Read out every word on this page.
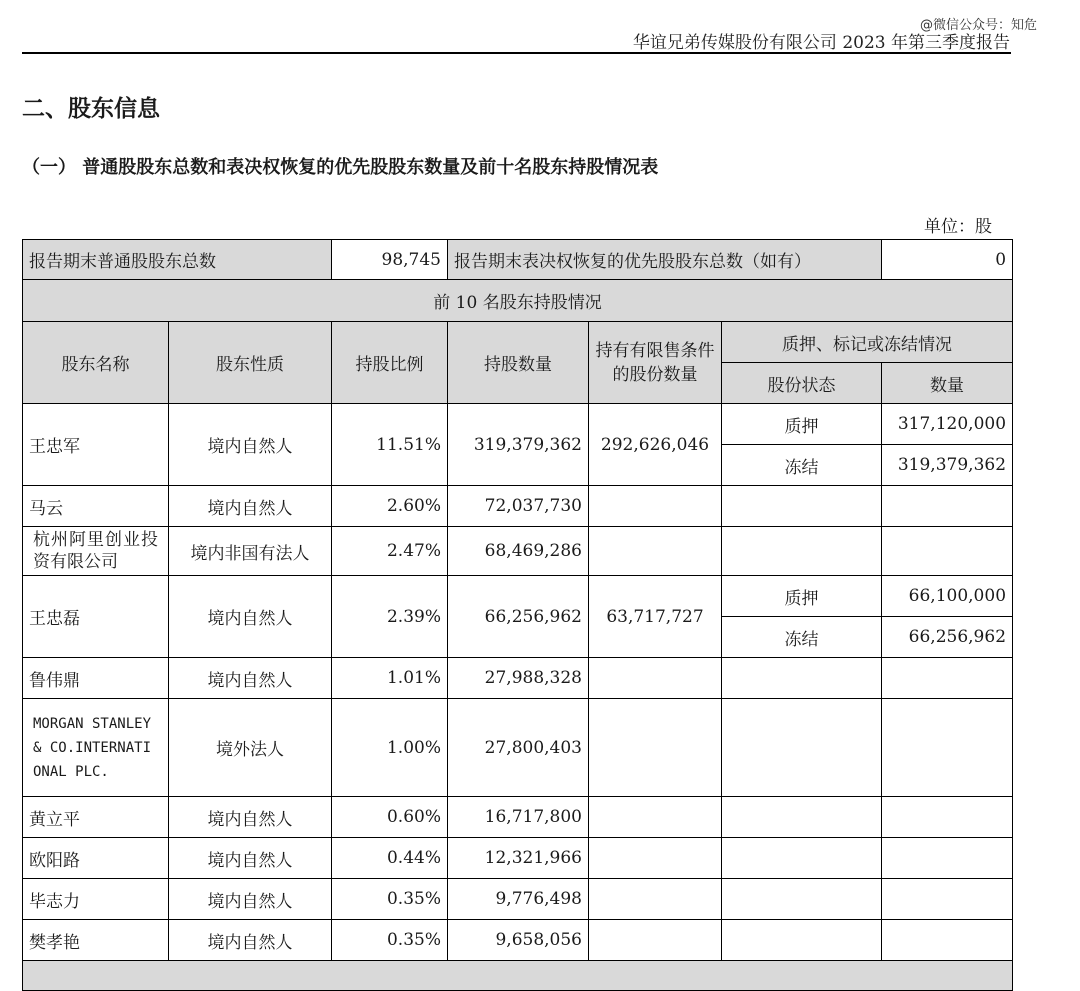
@微信公众号：知危
华谊兄弟传媒股份有限公司 2023 年第三季度报告
二、股东信息
（一） 普通股股东总数和表决权恢复的优先股股东数量及前十名股东持股情况表
单位：股
报告期末普通股股东总数		98,745	报告期末表决权恢复的优先股股东总数（如有）			0
前 10 名股东持股情况						
股东名称	股东性质	持股比例	持股数量	持有有限售条件的股份数量	质押、标记或冻结情况	
					股份状态	数量
王忠军	境内自然人	11.51%	319,379,362	292,626,046	质押	317,120,000
					冻结	319,379,362
马云	境内自然人	2.60%	72,037,730			
杭州阿里创业投资有限公司	境内非国有法人	2.47%	68,469,286			
王忠磊	境内自然人	2.39%	66,256,962	63,717,727	质押	66,100,000
					冻结	66,256,962
鲁伟鼎	境内自然人	1.01%	27,988,328			
MORGAN STANLEY & CO.INTERNATIONAL PLC.	境外法人	1.00%	27,800,403			
黄立平	境内自然人	0.60%	16,717,800			
欧阳路	境内自然人	0.44%	12,321,966			
毕志力	境内自然人	0.35%	9,776,498			
樊孝艳	境内自然人	0.35%	9,658,056			
